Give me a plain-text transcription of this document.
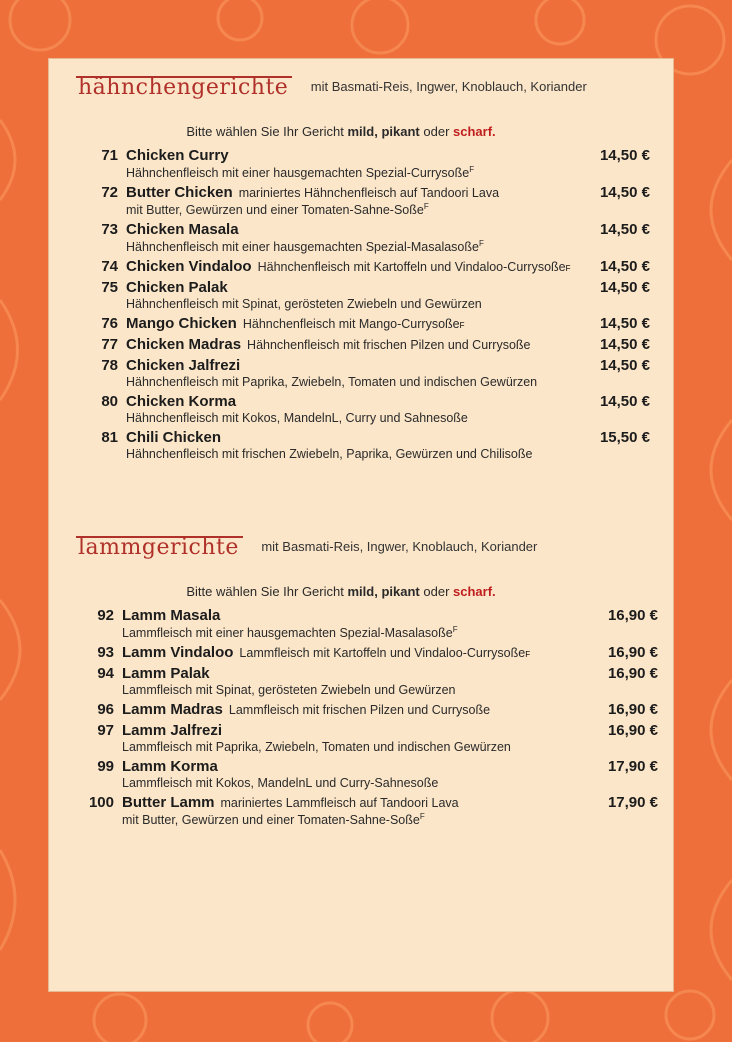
hähnchengerichte mit Basmati-Reis, Ingwer, Knoblauch, Koriander
Bitte wählen Sie Ihr Gericht mild, pikant oder scharf.
71 Chicken Curry	14,50 €
Hähnchenfleisch mit einer hausgemachten Spezial-Currysoße$^F$
72 Butter Chicken mariniertes Hähnchenfleisch auf Tandoori Lava	14,50 €
mit Butter, Gewürzen und einer Tomaten-Sahne-Soße$^F$
73 Chicken Masala	14,50 €
Hähnchenfleisch mit einer hausgemachten Spezial-Masalasoße$^F$
74 Chicken Vindaloo Hähnchenfleisch mit Kartoffeln und Vindaloo-Currysoße F 14,50 €
75 Chicken Palak	14,50 €
Hähnchenfleisch mit Spinat, gerösteten Zwiebeln und Gewürzen
76 Mango Chicken Hähnchenfleisch mit Mango-Currysoße F	14,50 €
77 Chicken Madras Hähnchenfleisch mit frischen Pilzen und Currysoße	14,50 €
78 Chicken Jalfrezi	14,50 €
Hähnchenfleisch mit Paprika, Zwiebeln, Tomaten und indischen Gewürzen
80 Chicken Korma	14,50 €
Hähnchenfleisch mit Kokos, MandelnL, Curry und Sahnesoße
81 Chili Chicken	15,50 €
Hähnchenfleisch mit frischen Zwiebeln, Paprika, Gewürzen und Chilisoße
lammgerichte mit Basmati-Reis, Ingwer, Knoblauch, Koriander
Bitte wählen Sie Ihr Gericht mild, pikant oder scharf.
92 Lamm Masala	16,90 €
Lammfleisch mit einer hausgemachten Spezial-Masalasoße$^F$
93 Lamm Vindaloo Lammfleisch mit Kartoffeln und Vindaloo-Currysoße F	16,90 €
94 Lamm Palak	16,90 €
Lammfleisch mit Spinat, gerösteten Zwiebeln und Gewürzen
96 Lamm Madras Lammfleisch mit frischen Pilzen und Currysoße	16,90 €
97 Lamm Jalfrezi	16,90 €
Lammfleisch mit Paprika, Zwiebeln, Tomaten und indischen Gewürzen
99 Lamm Korma	17,90 €
Lammfleisch mit Kokos, MandelnL und Curry-Sahnesoße
100 Butter Lamm mariniertes Lammfleisch auf Tandoori Lava	17,90 €
mit Butter, Gewürzen und einer Tomaten-Sahne-Soße$^F$
